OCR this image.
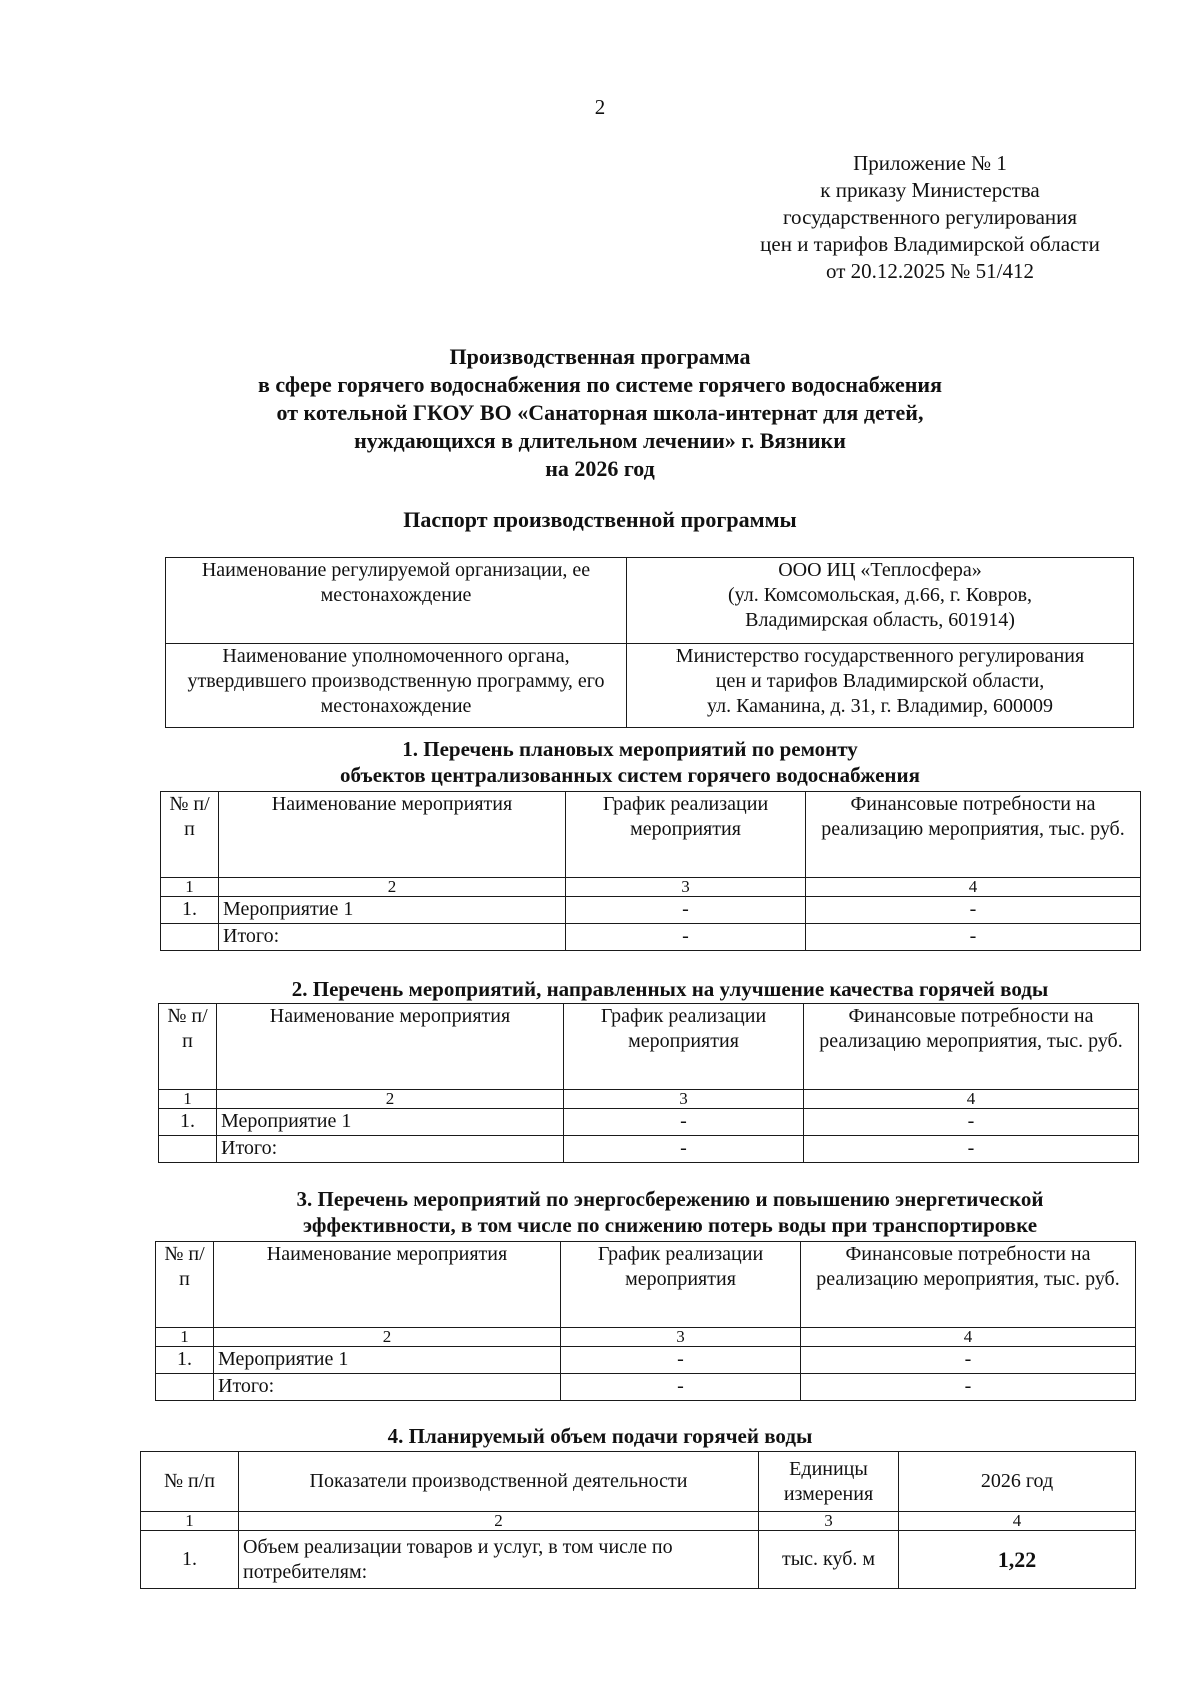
2
Приложение № 1
к приказу Министерства
государственного регулирования
цен и тарифов Владимирской области
от 20.12.2025 № 51/412
Производственная программа
в сфере горячего водоснабжения по системе горячего водоснабжения
от котельной ГКОУ ВО «Санаторная школа-интернат для детей,
нуждающихся в длительном лечении» г. Вязники
на 2026 год
Паспорт производственной программы
Наименование регулируемой организации, ее местонахождение	ООО ИЦ «Теплосфера»
(ул. Комсомольская, д.66, г. Ковров,
Владимирская область, 601914)

Наименование уполномоченного органа, утвердившего производственную программу, его местонахождение	Министерство государственного регулирования
цен и тарифов Владимирской области,
ул. Каманина, д. 31, г. Владимир, 600009
1. Перечень плановых мероприятий по ремонту
объектов централизованных систем горячего водоснабжения
№ п/п	Наименование мероприятия	График реализации мероприятия	Финансовые потребности на реализацию мероприятия, тыс. руб.
1	2	3	4
1.	Мероприятие 1	-	-
	Итого:	-	-
2. Перечень мероприятий, направленных на улучшение качества горячей воды
№ п/п	Наименование мероприятия	График реализации мероприятия	Финансовые потребности на реализацию мероприятия, тыс. руб.
1	2	3	4
1.	Мероприятие 1	-	-
	Итого:	-	-
3. Перечень мероприятий по энергосбережению и повышению энергетической
эффективности, в том числе по снижению потерь воды при транспортировке
№ п/п	Наименование мероприятия	График реализации мероприятия	Финансовые потребности на реализацию мероприятия, тыс. руб.
1	2	3	4
1.	Мероприятие 1	-	-
	Итого:	-	-
4. Планируемый объем подачи горячей воды
№ п/п	Показатели производственной деятельности	Единицы измерения	2026 год
1	2	3	4
1.	Объем реализации товаров и услуг, в том числе по потребителям:	тыс. куб. м	1,22
